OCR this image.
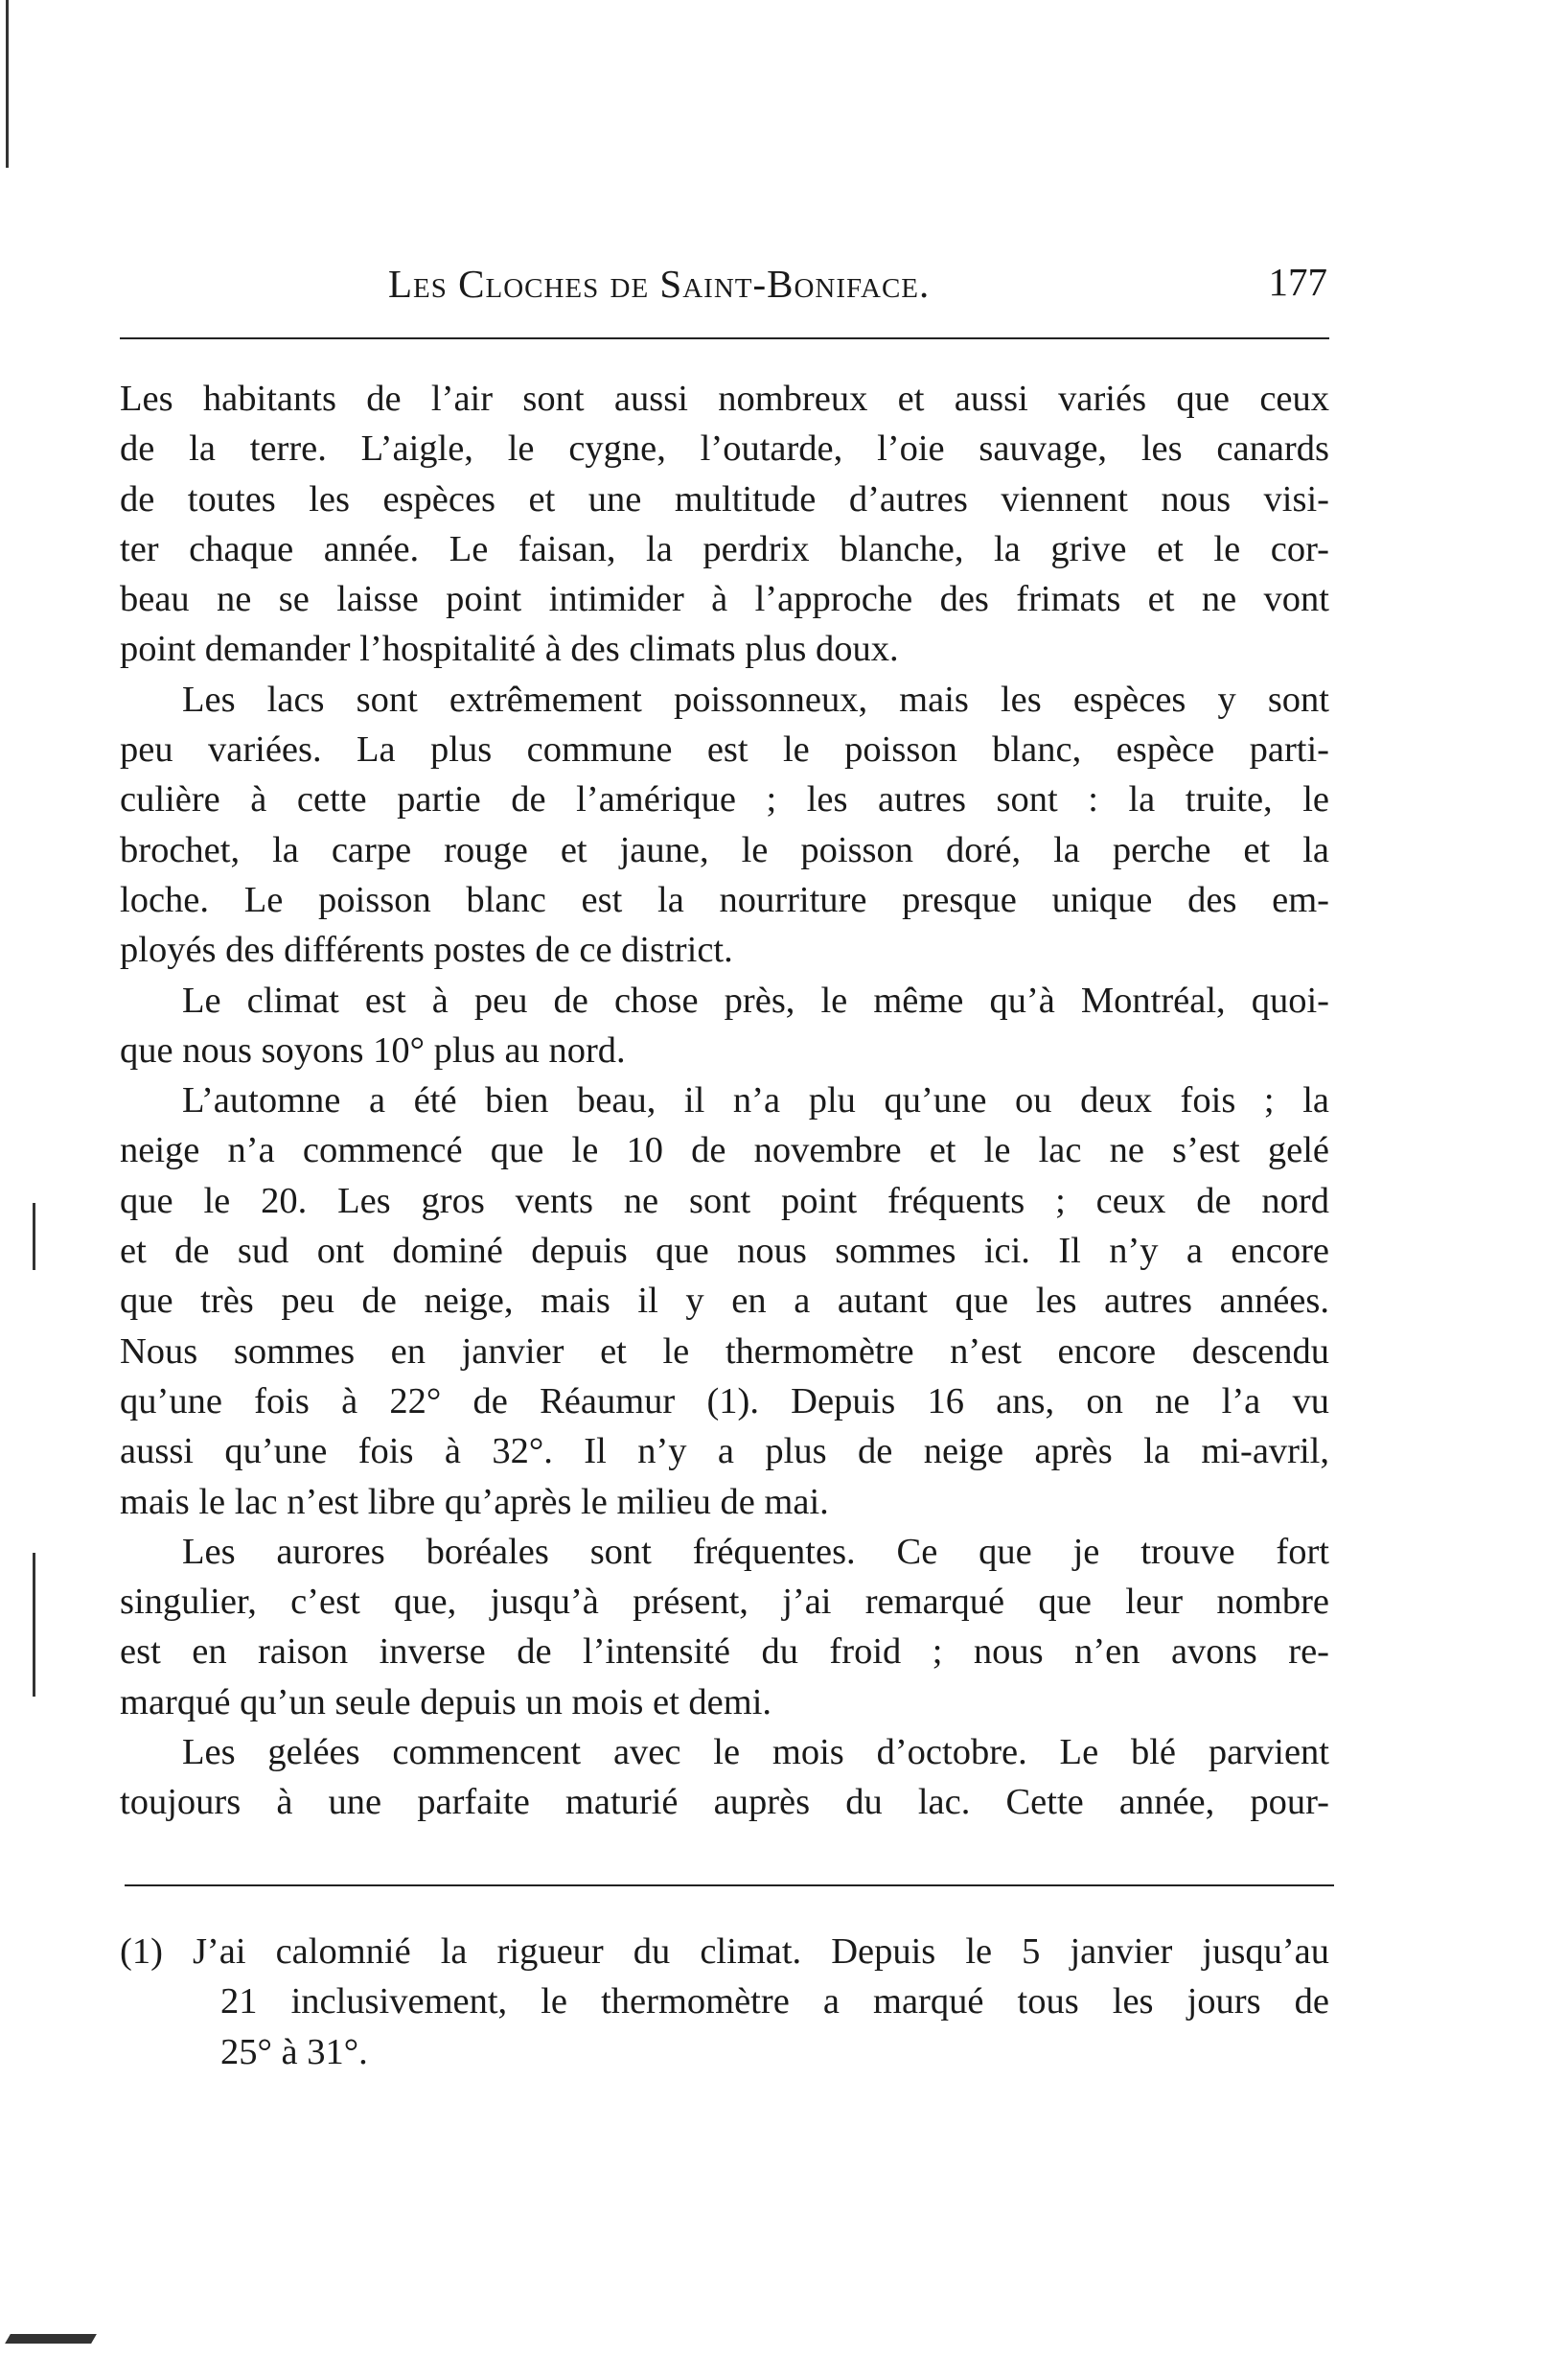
Les Cloches de Saint-Boniface.	177
Les habitants de l’air sont aussi nombreux et aussi variés que ceux
de la terre. L’aigle, le cygne, l’outarde, l’oie sauvage, les canards
de toutes les espèces et une multitude d’autres viennent nous visi-
ter chaque année. Le faisan, la perdrix blanche, la grive et le cor-
beau ne se laisse point intimider à l’approche des frimats et ne vont
point demander l’hospitalité à des climats plus doux.
Les lacs sont extrêmement poissonneux, mais les espèces y sont
peu variées. La plus commune est le poisson blanc, espèce parti-
culière à cette partie de l’amérique ; les autres sont : la truite, le
brochet, la carpe rouge et jaune, le poisson doré, la perche et la
loche. Le poisson blanc est la nourriture presque unique des em-
ployés des différents postes de ce district.
Le climat est à peu de chose près, le même qu’à Montréal, quoi-
que nous soyons 10° plus au nord.
L’automne a été bien beau, il n’a plu qu’une ou deux fois ; la
neige n’a commencé que le 10 de novembre et le lac ne s’est gelé
que le 20. Les gros vents ne sont point fréquents ; ceux de nord
et de sud ont dominé depuis que nous sommes ici. Il n’y a encore
que très peu de neige, mais il y en a autant que les autres années.
Nous sommes en janvier et le thermomètre n’est encore descendu
qu’une fois à 22° de Réaumur (1). Depuis 16 ans, on ne l’a vu
aussi qu’une fois à 32°. Il n’y a plus de neige après la mi-avril,
mais le lac n’est libre qu’après le milieu de mai.
Les aurores boréales sont fréquentes. Ce que je trouve fort
singulier, c’est que, jusqu’à présent, j’ai remarqué que leur nombre
est en raison inverse de l’intensité du froid ; nous n’en avons re-
marqué qu’un seule depuis un mois et demi.
Les gelées commencent avec le mois d’octobre. Le blé parvient
toujours à une parfaite maturié auprès du lac. Cette année, pour-
(1) J’ai calomnié la rigueur du climat. Depuis le 5 janvier jusqu’au
21 inclusivement, le thermomètre a marqué tous les jours de
25° à 31°.
